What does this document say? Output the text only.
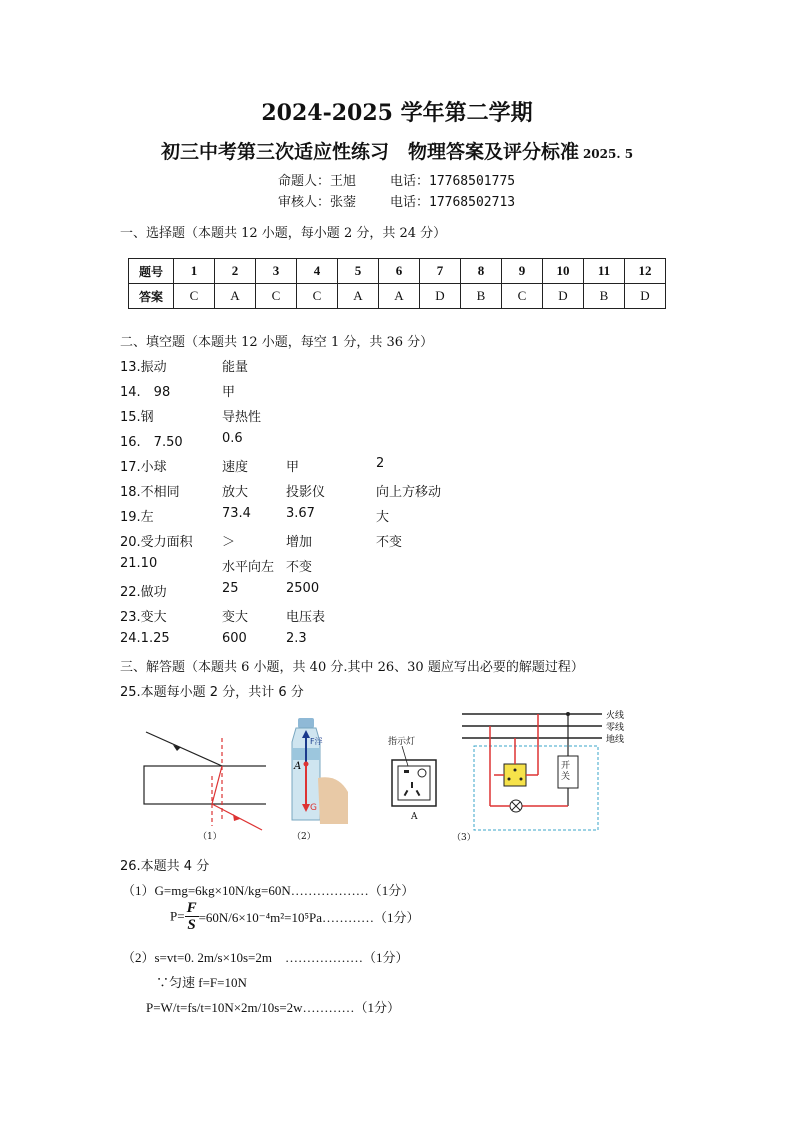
2024-2025 学年第二学期
初三中考第三次适应性练习　物理答案及评分标准 2025. 5
命题人：王旭	电话：17768501775
审核人：张蓥	电话：17768502713
一、选择题（本题共 12 小题，每小题 2 分，共 24 分）
题号	1	2	3	4	5	6	7	8	9	10	11	12
答案	C	A	C	C	A	A	D	B	C	D	B	D
二、填空题（本题共 12 小题，每空 1 分，共 36 分）
13.振动	能量
14.　98	甲
15.钢	导热性
16.　7.50	0.6
17.小球	速度	甲	2
18.不相同	放大	投影仪	向上方移动
19.左	73.4	3.67	大
20.受力面积 ＞	增加	不变
21.10	水平向左 不变
22.做功	25	2500
23.变大	变大	电压表
24.1.25	600	2.3
三、解答题（本题共 6 小题，共 40 分.其中 26、30 题应写出必要的解题过程）
25.本题每小题 2 分，共计 6 分
（1）
A
F浮
G
（2）
指示灯
A
火线
零线
地线
开关
（3）
26.本题共 4 分
（1）G=mg=6kg×10N/kg=60N………………（1分）
$P= \frac{F}{S}$ =60N/6×10⁻⁴m²=10⁵Pa…………（1分）
（2）s=vt=0. 2m/s×10s=2m　………………（1分）
∵匀速 f=F=10N
P=W/t=fs/t=10N×2m/10s=2w…………（1分）
